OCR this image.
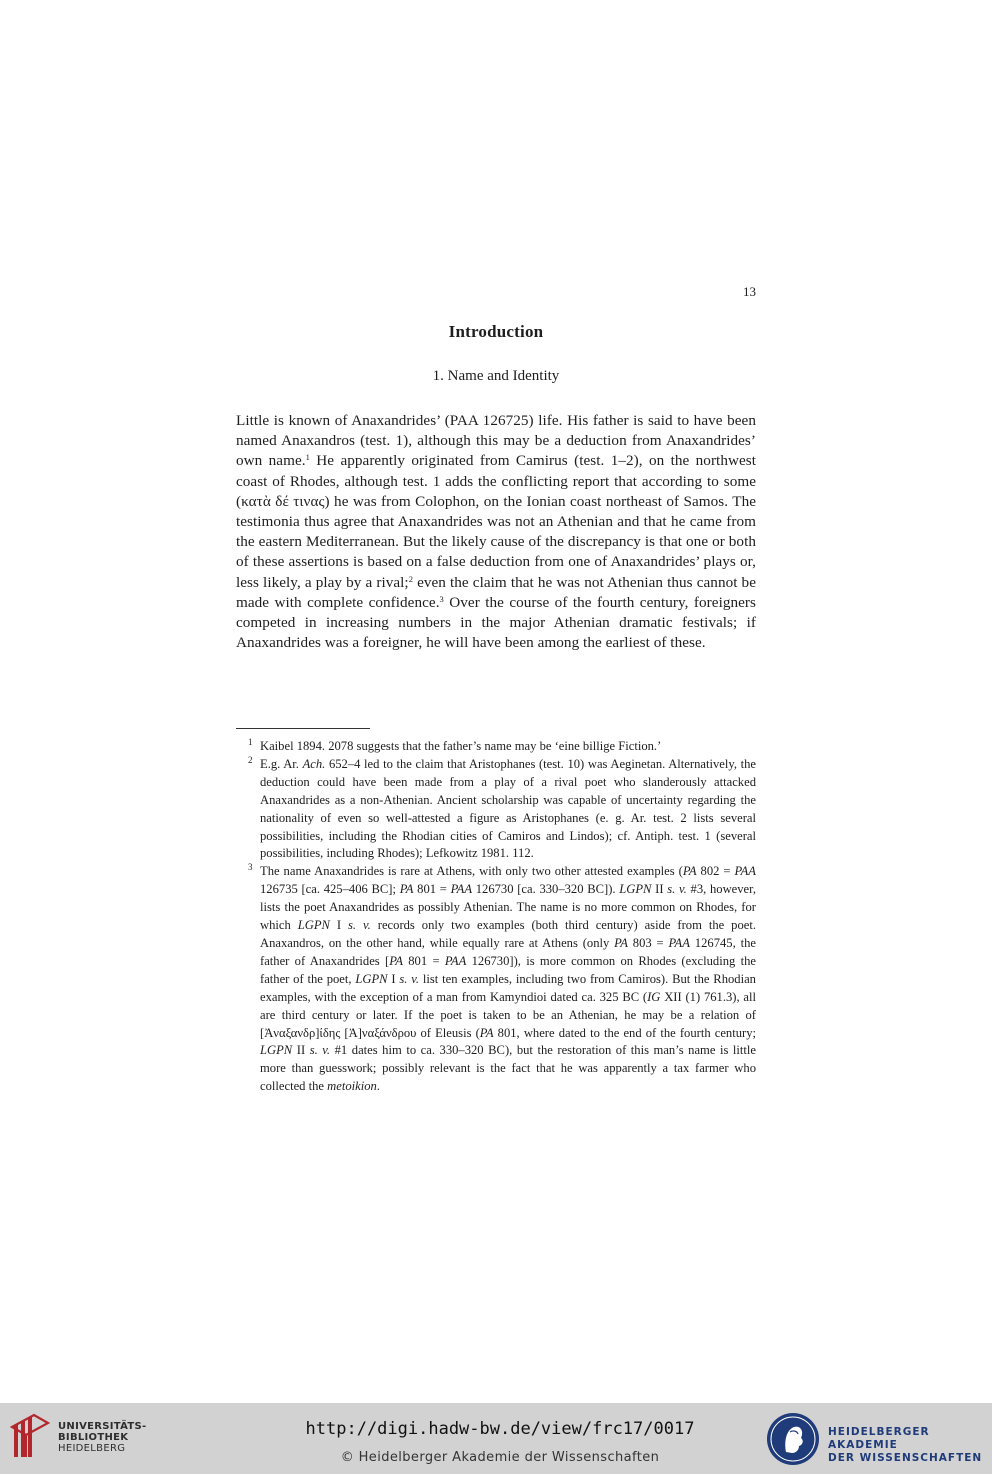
13
Introduction
1. Name and Identity
Little is known of Anaxandrides’ (PAA 126725) life. His father is said to have been named Anaxandros (test. 1), although this may be a deduction from Anaxandrides’ own name.$^1$ He apparently originated from Camirus (test. 1–2), on the northwest coast of Rhodes, although test. 1 adds the conflicting report that according to some (κατὰ δέ τινας) he was from Colophon, on the Ionian coast northeast of Samos. The testimonia thus agree that Anaxandrides was not an Athenian and that he came from the eastern Mediterranean. But the likely cause of the discrepancy is that one or both of these assertions is based on a false deduction from one of Anaxandrides’ plays or, less likely, a play by a rival;$^2$ even the claim that he was not Athenian thus cannot be made with complete confidence.$^3$ Over the course of the fourth century, foreigners competed in increasing numbers in the major Athenian dramatic festivals; if Anaxandrides was a foreigner, he will have been among the earliest of these.
1 Kaibel 1894. 2078 suggests that the father’s name may be ‘eine billige Fiction.’
2 E.g. Ar. Ach. 652–4 led to the claim that Aristophanes (test. 10) was Aeginetan. Alternatively, the deduction could have been made from a play of a rival poet who slanderously attacked Anaxandrides as a non-Athenian. Ancient scholarship was capable of uncertainty regarding the nationality of even so well-attested a figure as Aristophanes (e. g. Ar. test. 2 lists several possibilities, including the Rhodian cities of Camiros and Lindos); cf. Antiph. test. 1 (several possibilities, including Rhodes); Lefkowitz 1981. 112.
3 The name Anaxandrides is rare at Athens, with only two other attested examples (PA 802 = PAA 126735 [ca. 425–406 BC]; PA 801 = PAA 126730 [ca. 330–320 BC]). LGPN II s. v. #3, however, lists the poet Anaxandrides as possibly Athenian. The name is no more common on Rhodes, for which LGPN I s. v. records only two examples (both third century) aside from the poet. Anaxandros, on the other hand, while equally rare at Athens (only PA 803 = PAA 126745, the father of Anaxandrides [PA 801 = PAA 126730]), is more common on Rhodes (excluding the father of the poet, LGPN I s. v. list ten examples, including two from Camiros). But the Rhodian examples, with the exception of a man from Kamyndioi dated ca. 325 BC (IG XII (1) 761.3), all are third century or later. If the poet is taken to be an Athenian, he may be a relation of [Ἀναξανδρ]ίδης [Ἀ]ναξάνδρου of Eleusis (PA 801, where dated to the end of the fourth century; LGPN II s. v. #1 dates him to ca. 330–320 BC), but the restoration of this man’s name is little more than guesswork; possibly relevant is the fact that he was apparently a tax farmer who collected the metoikion.
UNIVERSITÄTS-
BIBLIOTHEK
HEIDELBERG
http://digi.hadw-bw.de/view/frc17/0017
© Heidelberger Akademie der Wissenschaften
HEIDELBERGER AKADEMIE
DER WISSENSCHAFTEN
